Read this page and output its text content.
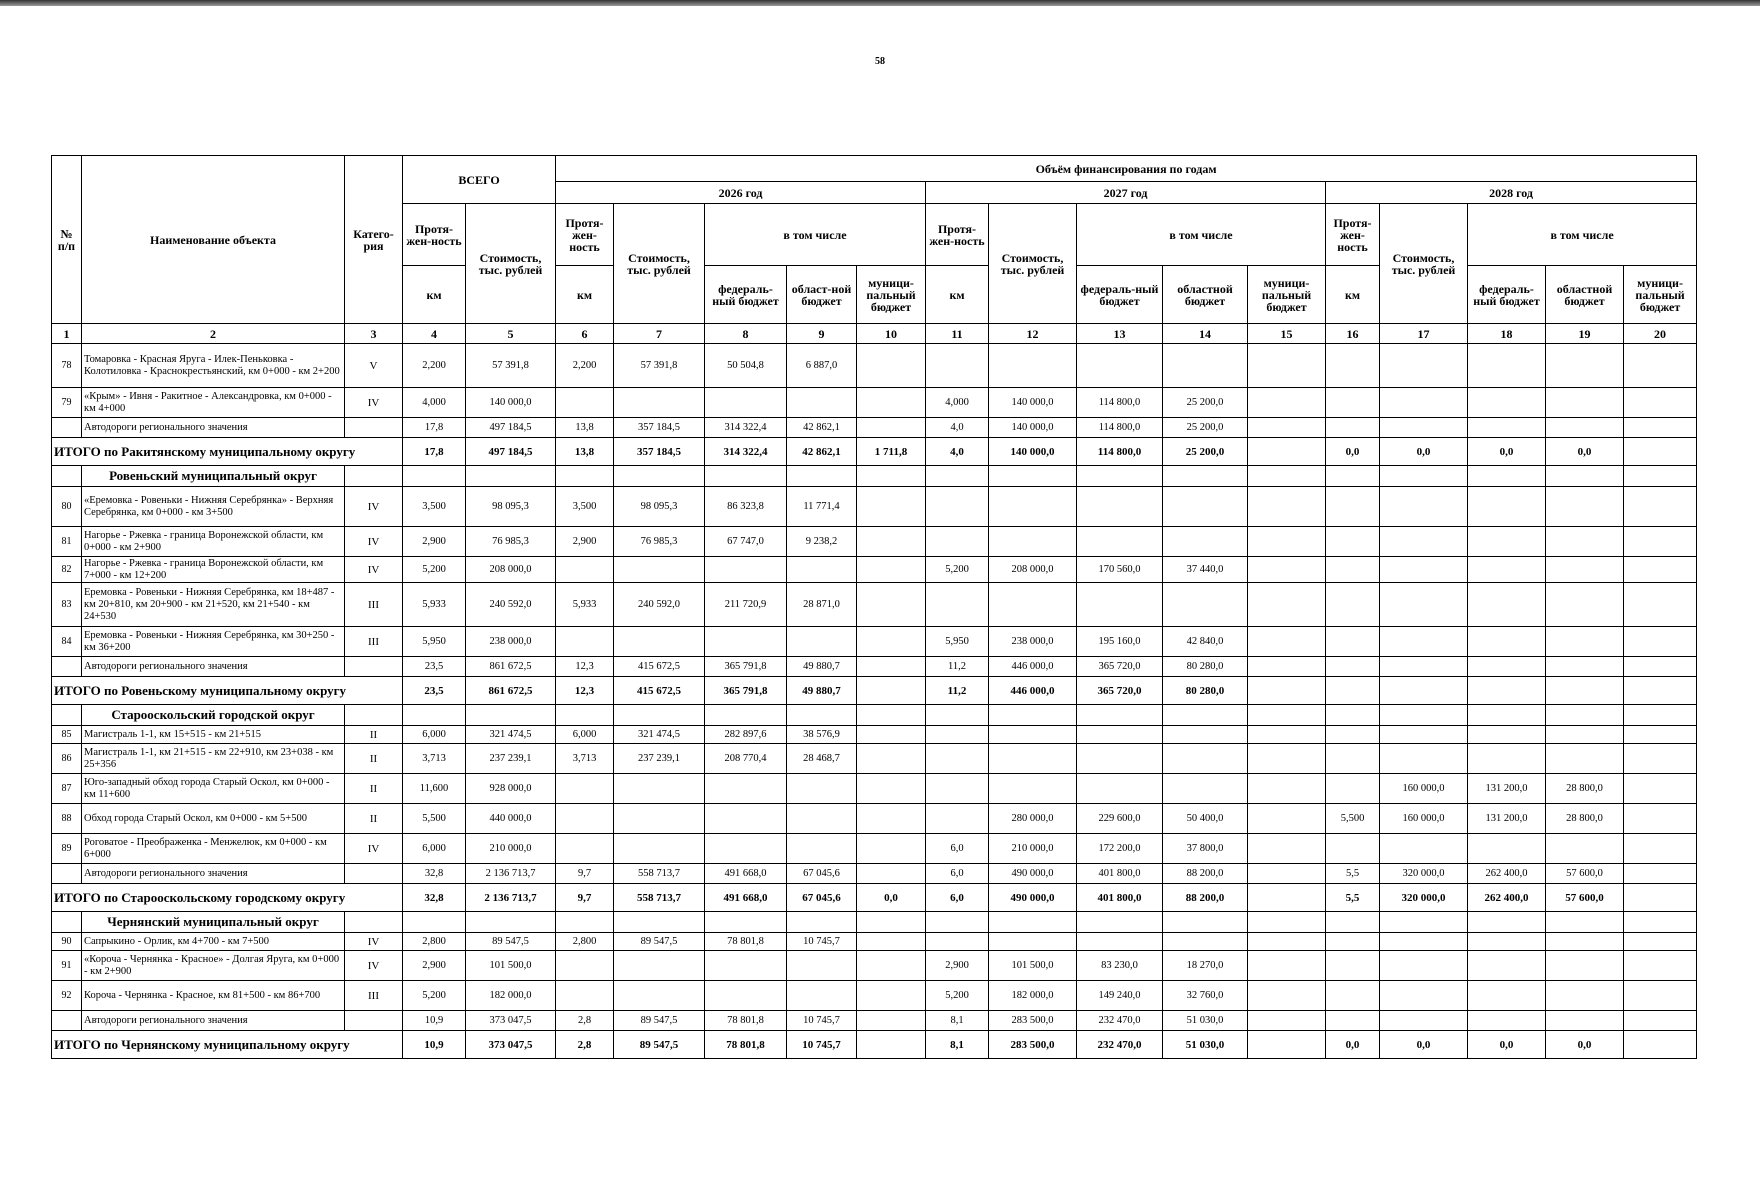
58
№ п/п	Наименование объекта	Катего-рия	ВСЕГО		Объём финансирования по годам														
					2026 год					2027 год					2028 год				
			Протя-жен-ность	Стоимость, тыс. рублей	Протя-жен-ность	Стоимость, тыс. рублей	в том числе			Протя-жен-ность	Стоимость, тыс. рублей	в том числе			Протя-жен-ность	Стоимость, тыс. рублей	в том числе		
			км		км		федераль-ный бюджет	област-ной бюджет	муници-пальный бюджет	км		федераль-ный бюджет	областной бюджет	муници-пальный бюджет	км		федераль-ный бюджет	областной бюджет	муници-пальный бюджет
1	2	3	4	5	6	7	8	9	10	11	12	13	14	15	16	17	18	19	20
78	Томаровка - Красная Яруга - Илек-Пеньковка - Колотиловка - Краснокрестьянский, км 0+000 - км 2+200	V	2,200	57 391,8	2,200	57 391,8	50 504,8	6 887,0											
79	«Крым» - Ивня - Ракитное - Александровка, км 0+000 - км 4+000	IV	4,000	140 000,0						4,000	140 000,0	114 800,0	25 200,0						
	Автодороги регионального значения		17,8	497 184,5	13,8	357 184,5	314 322,4	42 862,1		4,0	140 000,0	114 800,0	25 200,0						
ИТОГО по Ракитянскому муниципальному округу			17,8	497 184,5	13,8	357 184,5	314 322,4	42 862,1	1 711,8	4,0	140 000,0	114 800,0	25 200,0		0,0	0,0	0,0	0,0	
	Ровеньский муниципальный округ																		
80	«Еремовка - Ровеньки - Нижняя Серебрянка» - Верхняя Серебрянка, км 0+000 - км 3+500	IV	3,500	98 095,3	3,500	98 095,3	86 323,8	11 771,4											
81	Нагорье - Ржевка - граница Воронежской области, км 0+000 - км 2+900	IV	2,900	76 985,3	2,900	76 985,3	67 747,0	9 238,2											
82	Нагорье - Ржевка - граница Воронежской области, км 7+000 - км 12+200	IV	5,200	208 000,0						5,200	208 000,0	170 560,0	37 440,0						
83	Еремовка - Ровеньки - Нижняя Серебрянка, км 18+487 - км 20+810, км 20+900 - км 21+520, км 21+540 - км 24+530	III	5,933	240 592,0	5,933	240 592,0	211 720,9	28 871,0											
84	Еремовка - Ровеньки - Нижняя Серебрянка, км 30+250 - км 36+200	III	5,950	238 000,0						5,950	238 000,0	195 160,0	42 840,0						
	Автодороги регионального значения		23,5	861 672,5	12,3	415 672,5	365 791,8	49 880,7		11,2	446 000,0	365 720,0	80 280,0						
ИТОГО по Ровеньскому муниципальному округу			23,5	861 672,5	12,3	415 672,5	365 791,8	49 880,7		11,2	446 000,0	365 720,0	80 280,0						
	Старооскольский городской округ																		
85	Магистраль 1-1, км 15+515 - км 21+515	II	6,000	321 474,5	6,000	321 474,5	282 897,6	38 576,9											
86	Магистраль 1-1, км 21+515 - км 22+910, км 23+038 - км 25+356	II	3,713	237 239,1	3,713	237 239,1	208 770,4	28 468,7											
87	Юго-западный обход города Старый Оскол, км 0+000 - км 11+600	II	11,600	928 000,0												160 000,0	131 200,0	28 800,0	
88	Обход города Старый Оскол, км 0+000 - км 5+500	II	5,500	440 000,0							280 000,0	229 600,0	50 400,0		5,500	160 000,0	131 200,0	28 800,0	
89	Роговатое - Преображенка - Менжелюк, км 0+000 - км 6+000	IV	6,000	210 000,0						6,0	210 000,0	172 200,0	37 800,0						
	Автодороги регионального значения		32,8	2 136 713,7	9,7	558 713,7	491 668,0	67 045,6		6,0	490 000,0	401 800,0	88 200,0		5,5	320 000,0	262 400,0	57 600,0	
ИТОГО по Старооскольскому городскому округу			32,8	2 136 713,7	9,7	558 713,7	491 668,0	67 045,6	0,0	6,0	490 000,0	401 800,0	88 200,0		5,5	320 000,0	262 400,0	57 600,0	
	Чернянский муниципальный округ																		
90	Сапрыкино - Орлик, км 4+700 - км 7+500	IV	2,800	89 547,5	2,800	89 547,5	78 801,8	10 745,7											
91	«Короча - Чернянка - Красное» - Долгая Яруга, км 0+000 - км 2+900	IV	2,900	101 500,0						2,900	101 500,0	83 230,0	18 270,0						
92	Короча - Чернянка - Красное, км 81+500 - км 86+700	III	5,200	182 000,0						5,200	182 000,0	149 240,0	32 760,0						
	Автодороги регионального значения		10,9	373 047,5	2,8	89 547,5	78 801,8	10 745,7		8,1	283 500,0	232 470,0	51 030,0						
ИТОГО по Чернянскому муниципальному округу			10,9	373 047,5	2,8	89 547,5	78 801,8	10 745,7		8,1	283 500,0	232 470,0	51 030,0		0,0	0,0	0,0	0,0	
